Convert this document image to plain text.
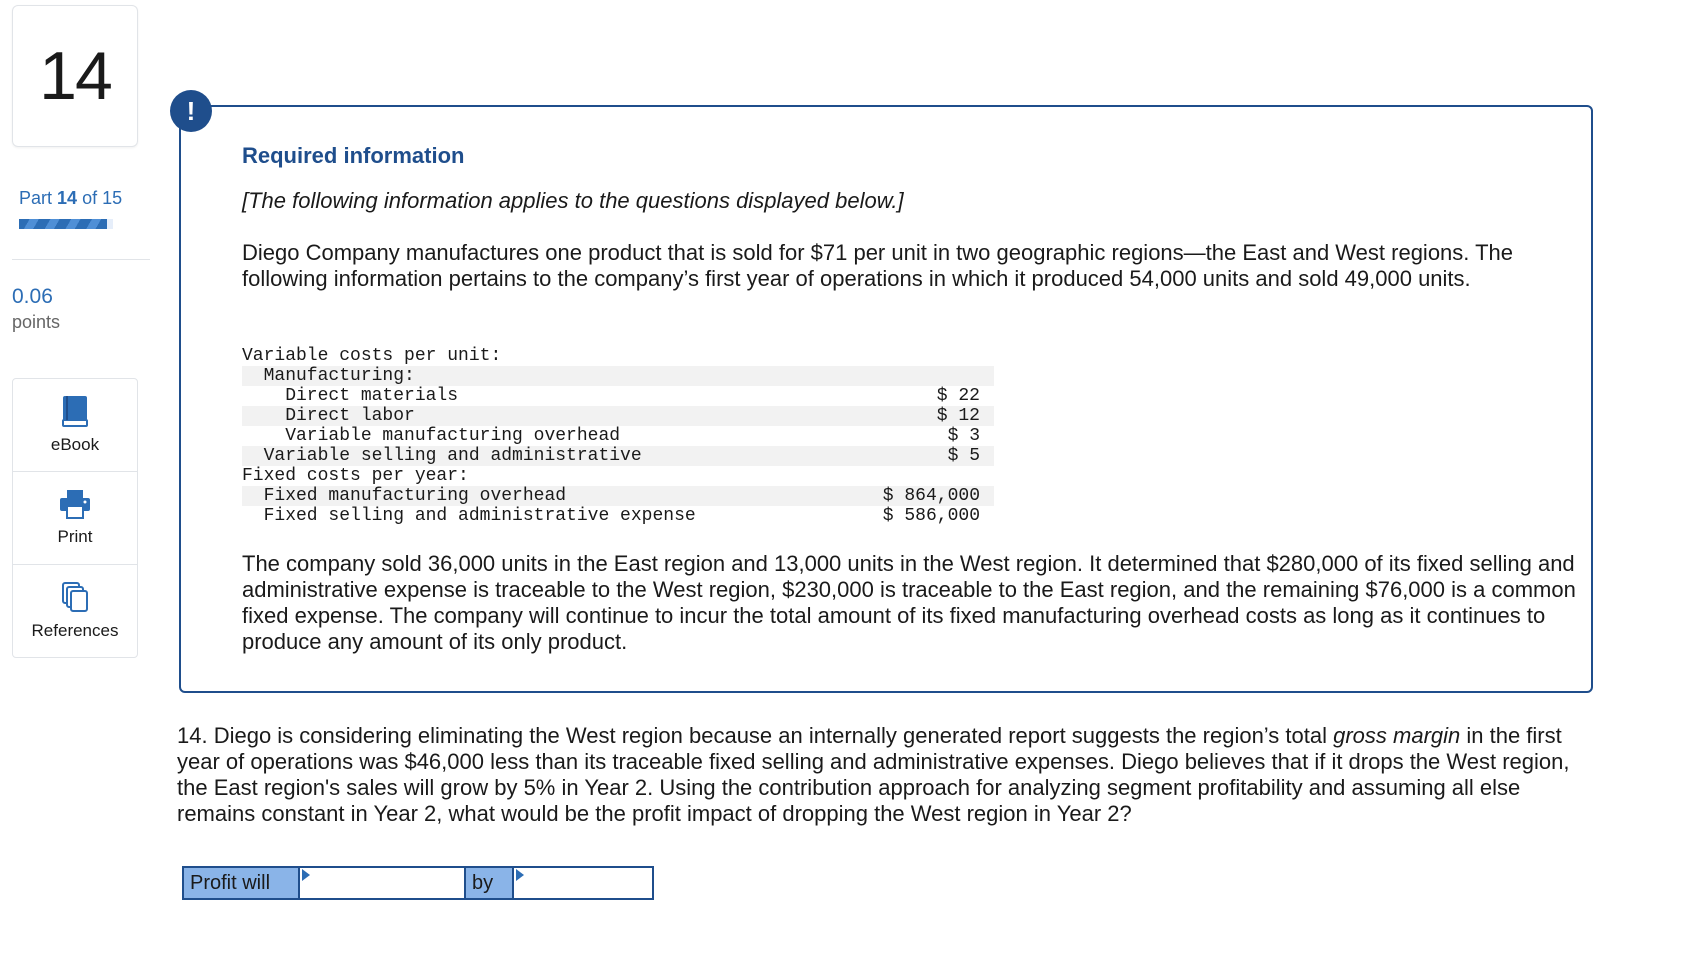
14
Part 14 of 15
0.06
points
eBook
Print
References
!
Required information
[The following information applies to the questions displayed below.]
Diego Company manufactures one product that is sold for $71 per unit in two geographic regions—the East and West regions. The following information pertains to the company’s first year of operations in which it produced 54,000 units and sold 49,000 units.
Variable costs per unit:
Manufacturing:
Direct materials	$ 22
Direct labor	$ 12
Variable manufacturing overhead	$ 3
Variable selling and administrative	$ 5
Fixed costs per year:
Fixed manufacturing overhead	$ 864,000
Fixed selling and administrative expense	$ 586,000
The company sold 36,000 units in the East region and 13,000 units in the West region. It determined that $280,000 of its fixed selling and administrative expense is traceable to the West region, $230,000 is traceable to the East region, and the remaining $76,000 is a common fixed expense. The company will continue to incur the total amount of its fixed manufacturing overhead costs as long as it continues to produce any amount of its only product.
14. Diego is considering eliminating the West region because an internally generated report suggests the region’s total gross margin in the first year of operations was $46,000 less than its traceable fixed selling and administrative expenses. Diego believes that if it drops the West region, the East region's sales will grow by 5% in Year 2. Using the contribution approach for analyzing segment profitability and assuming all else remains constant in Year 2, what would be the profit impact of dropping the West region in Year 2?
Profit will	by
